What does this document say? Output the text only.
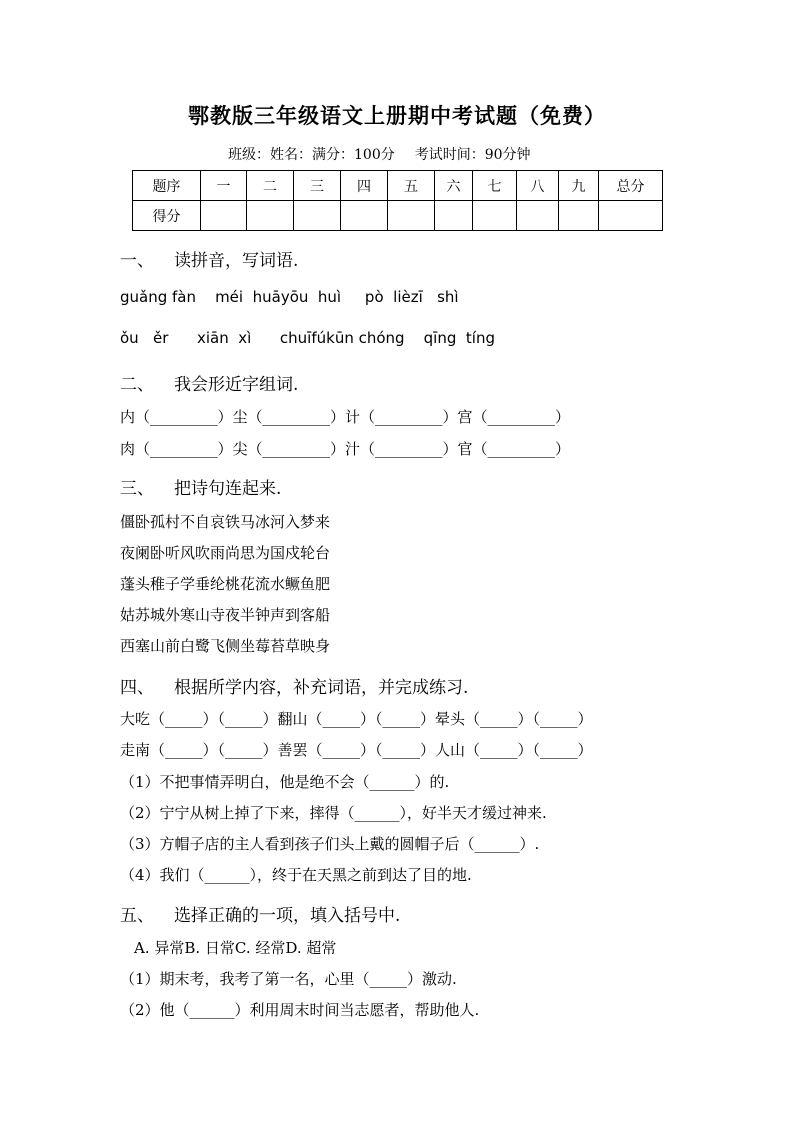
鄂教版三年级语文上册期中考试题（免费）
班级：姓名：满分：100分 考试时间：90分钟
题序	一	二	三	四	五	六	七	八	九	总分
得分										
一、 读拼音，写词语.
guǎng fàn    méi  huāyōu  huì     pò  lièzī   shì
ǒu   ěr      xiān  xì      chuīfúkūn chóng    qīng  tíng
二、 我会形近字组词.
内（_________）尘（_________）计（_________）宫（_________）
肉（_________）尖（_________）汁（_________）官（_________）
三、 把诗句连起来.
僵卧孤村不自哀铁马冰河入梦来
夜阑卧听风吹雨尚思为国戍轮台
蓬头稚子学垂纶桃花流水鳜鱼肥
姑苏城外寒山寺夜半钟声到客船
西塞山前白鹭飞侧坐莓苔草映身
四、 根据所学内容，补充词语，并完成练习.
大吃（_____）（_____）翻山（_____）（_____）晕头（_____）（_____）
走南（_____）（_____）善罢（_____）（_____）人山（_____）（_____）
（1）不把事情弄明白，他是绝不会（______）的.
（2）宁宁从树上掉了下来，摔得（______），好半天才缓过神来.
（3）方帽子店的主人看到孩子们头上戴的圆帽子后（______）.
（4）我们（______），终于在天黑之前到达了目的地.
五、 选择正确的一项，填入括号中.
A. 异常B. 日常C. 经常D. 超常
（1）期末考，我考了第一名，心里（_____）激动.
（2）他（______）利用周末时间当志愿者，帮助他人.
